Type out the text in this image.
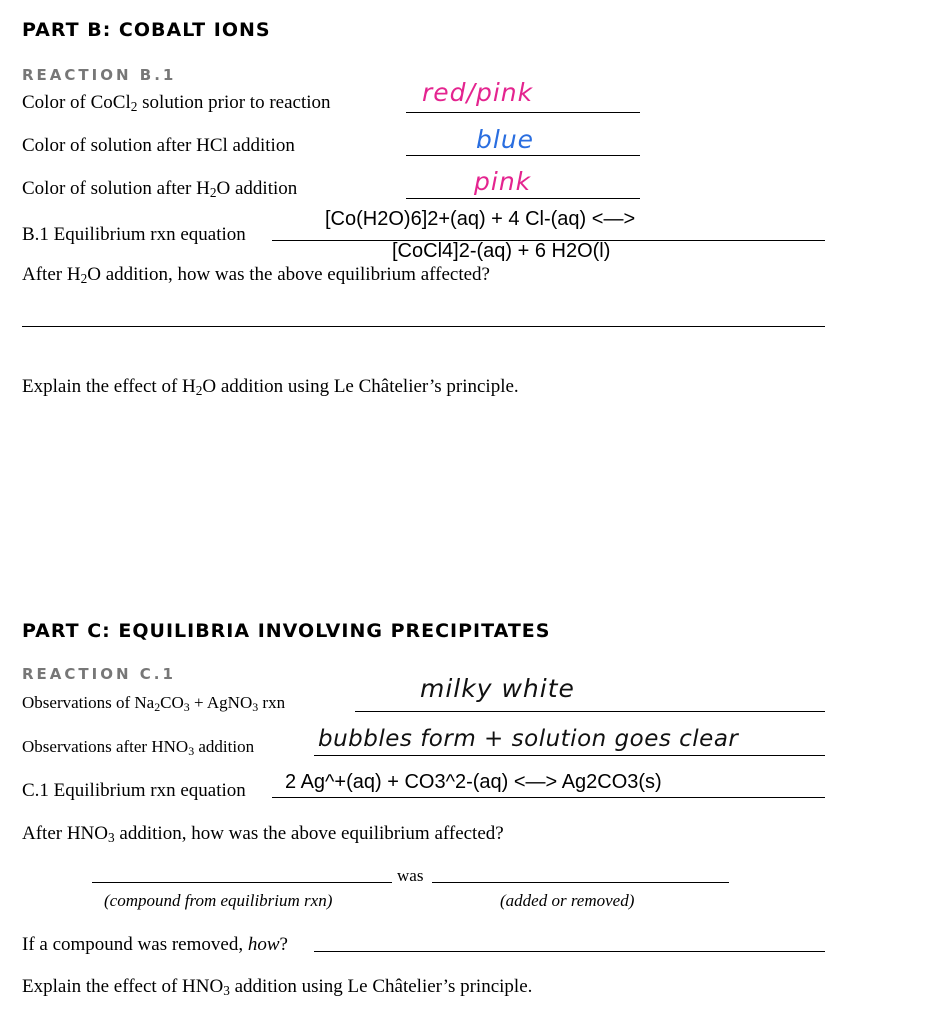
PART B: COBALT IONS
REACTION B.1
Color of CoCl$_2$ solution prior to reaction	red/pink
Color of solution after HCl addition	blue
Color of solution after $H_2O$ addition	pink
B.1 Equilibrium rxn equation
[Co(H2O)6]2+(aq) + 4 Cl-(aq) <—>
[CoCl4]2-(aq) + 6 H2O(l)
After $H_2O$ addition, how was the above equilibrium affected?
Explain the effect of $H_2O$ addition using Le Châtelier’s principle.
PART C: EQUILIBRIA INVOLVING PRECIPITATES
REACTION C.1
Observations of $Na_2CO_3$ + AgNO$_3$ rxn	milky white
Observations after $HNO_3$ addition	bubbles form + solution goes clear
C.1 Equilibrium rxn equation 2 Ag^+(aq) + CO3^2-(aq) <—> Ag2CO3(s)
After $HNO_3$ addition, how was the above equilibrium affected?
was
(compound from equilibrium rxn)	(added or removed)
If a compound was removed, how?
Explain the effect of $HNO_3$ addition using Le Châtelier’s principle.
